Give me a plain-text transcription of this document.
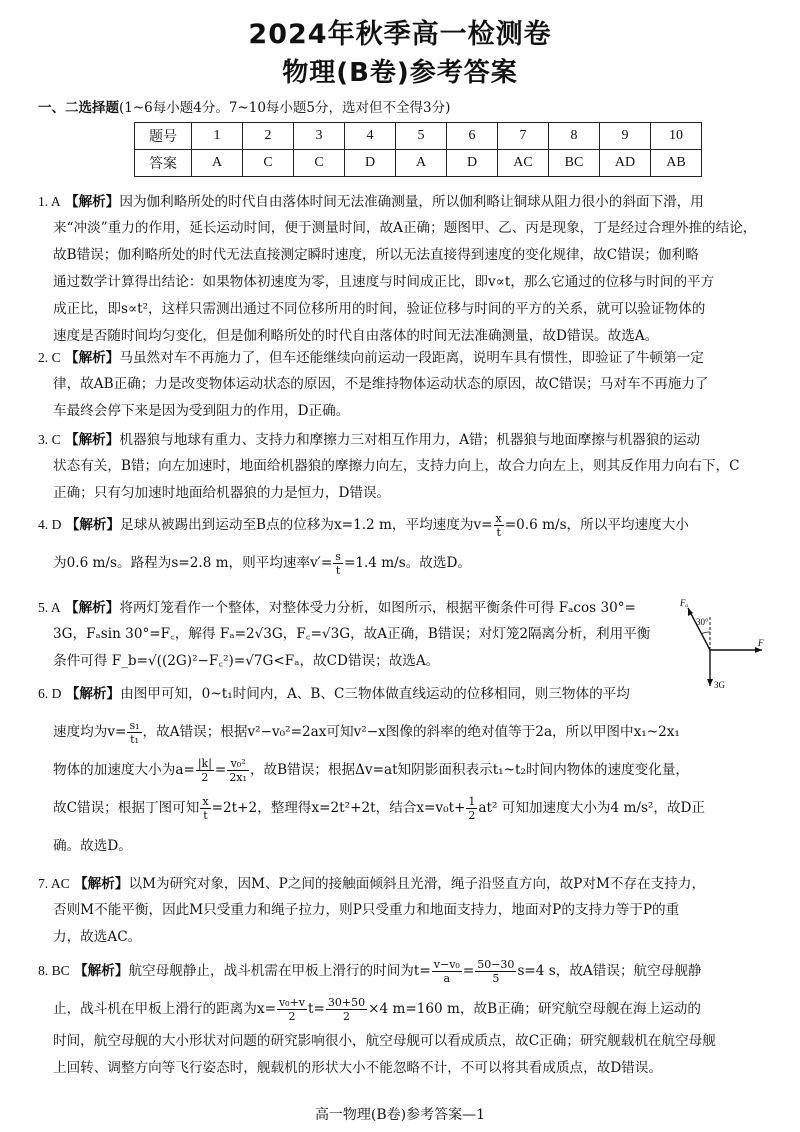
2024年秋季高一检测卷
物理(B卷)参考答案
一、二选择题(1~6每小题4分。7~10每小题5分，选对但不全得3分)
题号	1	2	3	4	5	6	7	8	9	10
答案	A	C	C	D	A	D	AC	BC	AD	AB
1. A 【解析】因为伽利略所处的时代自由落体时间无法准确测量，所以伽利略让铜球从阻力很小的斜面下滑，用
来“冲淡”重力的作用，延长运动时间，便于测量时间，故A正确；题图甲、乙、丙是现象，丁是经过合理外推的结论，
故B错误；伽利略所处的时代无法直接测定瞬时速度，所以无法直接得到速度的变化规律，故C错误；伽利略
通过数学计算得出结论：如果物体初速度为零，且速度与时间成正比，即v∝t，那么它通过的位移与时间的平方
成正比，即s∝t²，这样只需测出通过不同位移所用的时间，验证位移与时间的平方的关系，就可以验证物体的
速度是否随时间均匀变化，但是伽利略所处的时代自由落体的时间无法准确测量，故D错误。故选A。
2. C 【解析】马虽然对车不再施力了，但车还能继续向前运动一段距离，说明车具有惯性，即验证了牛顿第一定
律，故AB正确；力是改变物体运动状态的原因，不是维持物体运动状态的原因，故C错误；马对车不再施力了
车最终会停下来是因为受到阻力的作用，D正确。
3. C 【解析】机器狼与地球有重力、支持力和摩擦力三对相互作用力，A错；机器狼与地面摩擦与机器狼的运动
状态有关，B错；向左加速时，地面给机器狼的摩擦力向左，支持力向上，故合力向左上，则其反作用力向右下，C
正确；只有匀加速时地面给机器狼的力是恒力，D错误。
4. D 【解析】足球从被踢出到运动至B点的位移为x=1.2 m，平均速度为$v= \frac{x}{t} =0.6$ m/s，所以平均速度大小
为0.6 m/s。路程为s=2.8 m，则平均速率$v'= \frac{s}{t} =1.4$ m/s。故选D。
5. A 【解析】将两灯笼看作一个整体，对整体受力分析，如图所示，根据平衡条件可得 Fₐcos 30°=
3G，Fₐsin 30°=F꜀，解得 Fₐ=2√3G，F꜀=√3G，故A正确，B错误；对灯笼2隔离分析，利用平衡
条件可得 F_b=√((2G)²−F꜀²)=√7G<Fₐ，故CD错误；故选A。
Fₐ
30°
F
3G
6. D 【解析】由图甲可知，0~t₁时间内，A、B、C三物体做直线运动的位移相同，则三物体的平均
速度均为$v= \frac{\text{s₁}}{\text{t₁}}$ ，故A错误；根据v²−v₀²=2ax可知v²−x图像的斜率的绝对值等于2a，所以甲图中x₁~2x₁
物体的加速度大小为$a= \frac{|k|}{2} = \frac{\text{v₀²}}{\text{2x₁}}$ ，故B错误；根据Δv=at知阴影面积表示t₁~t₂时间内物体的速度变化量，
故C错误；根据丁图可知 $\frac{x}{t} =2t+2$，整理得x=2t²+2t，结合$x=v_0t+ \frac{1}{2} at^2$ 可知加速度大小为4 m/s²，故D正
确。故选D。
7. AC 【解析】以M为研究对象，因M、P之间的接触面倾斜且光滑，绳子沿竖直方向，故P对M不存在支持力，
否则M不能平衡，因此M只受重力和绳子拉力，则P只受重力和地面支持力，地面对P的支持力等于P的重
力，故选AC。
8. BC 【解析】航空母舰静止，战斗机需在甲板上滑行的时间为$t= \frac{\text{v−v₀}}{a} = \frac{50-30}{5} s=4$ s，故A错误；航空母舰静
止，战斗机在甲板上滑行的距离为$x= \frac{\text{v₀+v}}{2} t= \frac{30+50}{2} \times 4$ m=160 m，故B正确；研究航空母舰在海上运动的
时间，航空母舰的大小形状对问题的研究影响很小，航空母舰可以看成质点，故C正确；研究舰载机在航空母舰
上回转、调整方向等飞行姿态时，舰载机的形状大小不能忽略不计，不可以将其看成质点，故D错误。
高一物理(B卷)参考答案—1
